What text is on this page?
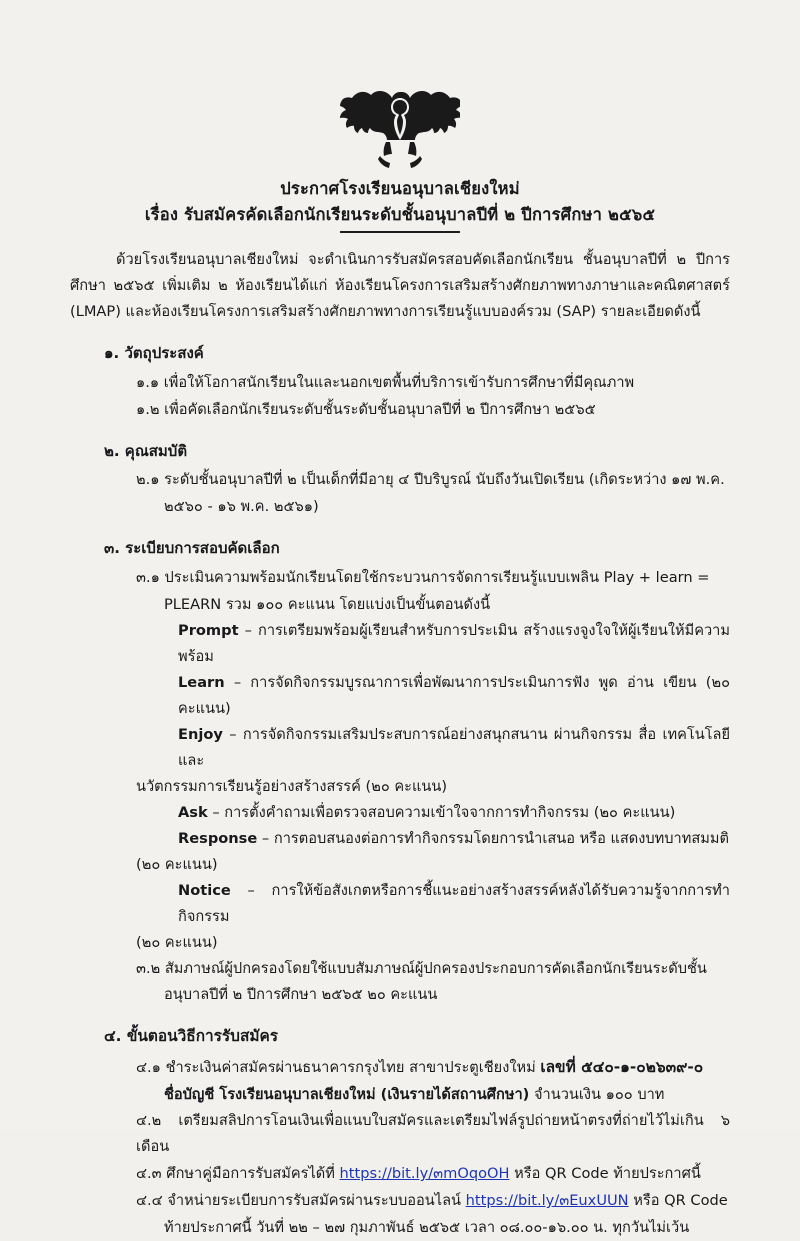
ประกาศโรงเรียนอนุบาลเชียงใหม่
เรื่อง รับสมัครคัดเลือกนักเรียนระดับชั้นอนุบาลปีที่ ๒ ปีการศึกษา ๒๕๖๕

ด้วยโรงเรียนอนุบาลเชียงใหม่ จะดำเนินการรับสมัครสอบคัดเลือกนักเรียน ชั้นอนุบาลปีที่ ๒ ปีการศึกษา ๒๕๖๕ เพิ่มเติม ๒ ห้องเรียนได้แก่ ห้องเรียนโครงการเสริมสร้างศักยภาพทางภาษาและคณิตศาสตร์ (LMAP) และห้องเรียนโครงการเสริมสร้างศักยภาพทางการเรียนรู้แบบองค์รวม (SAP) รายละเอียดดังนี้

๑. วัตถุประสงค์

๑.๑ เพื่อให้โอกาสนักเรียนในและนอกเขตพื้นที่บริการเข้ารับการศึกษาที่มีคุณภาพ

๑.๒ เพื่อคัดเลือกนักเรียนระดับชั้นระดับชั้นอนุบาลปีที่ ๒ ปีการศึกษา ๒๕๖๕

๒. คุณสมบัติ

๒.๑ ระดับชั้นอนุบาลปีที่ ๒ เป็นเด็กที่มีอายุ ๔ ปีบริบูรณ์ นับถึงวันเปิดเรียน (เกิดระหว่าง ๑๗ พ.ค.

๒๕๖๐ - ๑๖ พ.ค. ๒๕๖๑)

๓. ระเบียบการสอบคัดเลือก

๓.๑ ประเมินความพร้อมนักเรียนโดยใช้กระบวนการจัดการเรียนรู้แบบเพลิน Play + learn =

PLEARN รวม ๑๐๐ คะแนน โดยแบ่งเป็นขั้นตอนดังนี้

Prompt – การเตรียมพร้อมผู้เรียนสำหรับการประเมิน สร้างแรงจูงใจให้ผู้เรียนให้มีความพร้อม

Learn – การจัดกิจกรรมบูรณาการเพื่อพัฒนาการประเมินการฟัง พูด อ่าน เขียน (๒๐ คะแนน)

Enjoy – การจัดกิจกรรมเสริมประสบการณ์อย่างสนุกสนาน ผ่านกิจกรรม สื่อ เทคโนโลยีและ

นวัตกรรมการเรียนรู้อย่างสร้างสรรค์ (๒๐ คะแนน)

Ask – การตั้งคำถามเพื่อตรวจสอบความเข้าใจจากการทำกิจกรรม (๒๐ คะแนน)

Response – การตอบสนองต่อการทำกิจกรรมโดยการนำเสนอ หรือ แสดงบทบาทสมมติ

(๒๐ คะแนน)

Notice – การให้ข้อสังเกตหรือการชี้แนะอย่างสร้างสรรค์หลังได้รับความรู้จากการทำกิจกรรม

(๒๐ คะแนน)

๓.๒ สัมภาษณ์ผู้ปกครองโดยใช้แบบสัมภาษณ์ผู้ปกครองประกอบการคัดเลือกนักเรียนระดับชั้น

อนุบาลปีที่ ๒ ปีการศึกษา ๒๕๖๕ ๒๐ คะแนน

๔. ขั้นตอนวิธีการรับสมัคร

๔.๑ ชำระเงินค่าสมัครผ่านธนาคารกรุงไทย สาขาประตูเชียงใหม่ เลขที่ ๕๔๐-๑-๐๒๖๓๙-๐

ชื่อบัญชี โรงเรียนอนุบาลเชียงใหม่ (เงินรายได้สถานศึกษา) จำนวนเงิน ๑๐๐ บาท

๔.๒ เตรียมสลิปการโอนเงินเพื่อแนบใบสมัครและเตรียมไฟล์รูปถ่ายหน้าตรงที่ถ่ายไว้ไม่เกิน ๖ เดือน

๔.๓ ศึกษาคู่มือการรับสมัครได้ที่ https://bit.ly/๓mOqoOH หรือ QR Code ท้ายประกาศนี้

๔.๔ จำหน่ายระเบียบการรับสมัครผ่านระบบออนไลน์ https://bit.ly/๓EuxUUN หรือ QR Code

ท้ายประกาศนี้ วันที่ ๒๒ – ๒๗ กุมภาพันธ์ ๒๕๖๕ เวลา ๐๘.๐๐-๑๖.๐๐ น. ทุกวันไม่เว้น
